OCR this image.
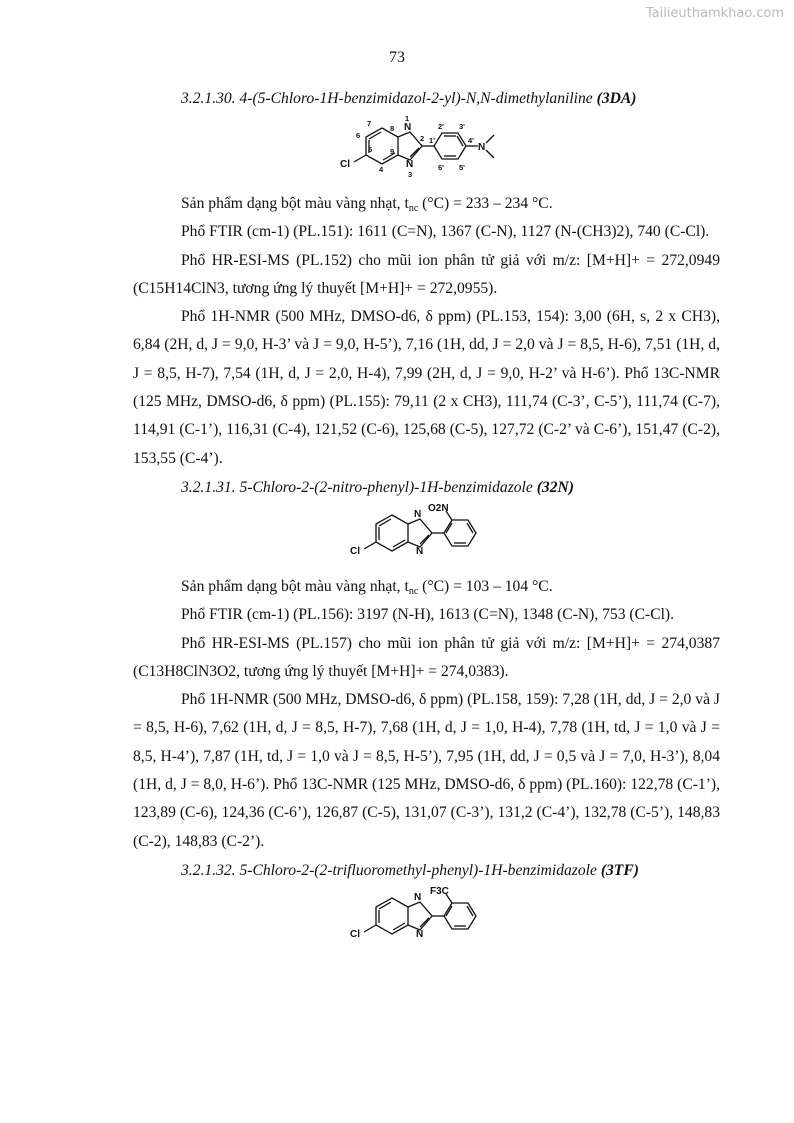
Tailieuthamkhao.com
73

3.2.1.30. 4-(5-Chloro-1H-benzimidazol-2-yl)-N,N-dimethylaniline (3DA)

1
N
7
8
6	2
5 9
N
4
3
Cl
1'
2' 3'
4'
6' 5'
N

Sản phẩm dạng bột màu vàng nhạt, $t_{nc}$ (°C) = 233 – 234 °C.

Phổ FTIR (cm-1) (PL.151): 1611 (C=N), 1367 (C-N), 1127 (N-(CH3)2), 740 (C-Cl).

Phổ HR-ESI-MS (PL.152) cho mũi ion phân tử giả với m/z: [M+H]+ = 272,0949 (C15H14ClN3, tương ứng lý thuyết [M+H]+ = 272,0955).

Phổ 1H-NMR (500 MHz, DMSO-d6, δ ppm) (PL.153, 154): 3,00 (6H, s, 2 x CH3), 6,84 (2H, d, J = 9,0, H-3’ và J = 9,0, H-5’), 7,16 (1H, dd, J = 2,0 và J = 8,5, H-6), 7,51 (1H, d, J = 8,5, H-7), 7,54 (1H, d, J = 2,0, H-4), 7,99 (2H, d, J = 9,0, H-2’ và H-6’). Phổ 13C-NMR (125 MHz, DMSO-d6, δ ppm) (PL.155): 79,11 (2 x CH3), 111,74 (C-3’, C-5’), 111,74 (C-7), 114,91 (C-1’), 116,31 (C-4), 121,52 (C-6), 125,68 (C-5), 127,72 (C-2’ và C-6’), 151,47 (C-2), 153,55 (C-4’).

3.2.1.31. 5-Chloro-2-(2-nitro-phenyl)-1H-benzimidazole (32N)

O2N
N
N
Cl

Sản phẩm dạng bột màu vàng nhạt, $t_{nc}$ (°C) = 103 – 104 °C.

Phổ FTIR (cm-1) (PL.156): 3197 (N-H), 1613 (C=N), 1348 (C-N), 753 (C-Cl).

Phổ HR-ESI-MS (PL.157) cho mũi ion phân tử giả với m/z: [M+H]+ = 274,0387 (C13H8ClN3O2, tương ứng lý thuyết [M+H]+ = 274,0383).

Phổ 1H-NMR (500 MHz, DMSO-d6, δ ppm) (PL.158, 159): 7,28 (1H, dd, J = 2,0 và J = 8,5, H-6), 7,62 (1H, d, J = 8,5, H-7), 7,68 (1H, d, J = 1,0, H-4), 7,78 (1H, td, J = 1,0 và J = 8,5, H-4’), 7,87 (1H, td, J = 1,0 và J = 8,5, H-5’), 7,95 (1H, dd, J = 0,5 và J = 7,0, H-3’), 8,04 (1H, d, J = 8,0, H-6’). Phổ 13C-NMR (125 MHz, DMSO-d6, δ ppm) (PL.160): 122,78 (C-1’), 123,89 (C-6), 124,36 (C-6’), 126,87 (C-5), 131,07 (C-3’), 131,2 (C-4’), 132,78 (C-5’), 148,83 (C-2), 148,83 (C-2’).

3.2.1.32. 5-Chloro-2-(2-trifluoromethyl-phenyl)-1H-benzimidazole (3TF)

F3C
N
N
Cl
